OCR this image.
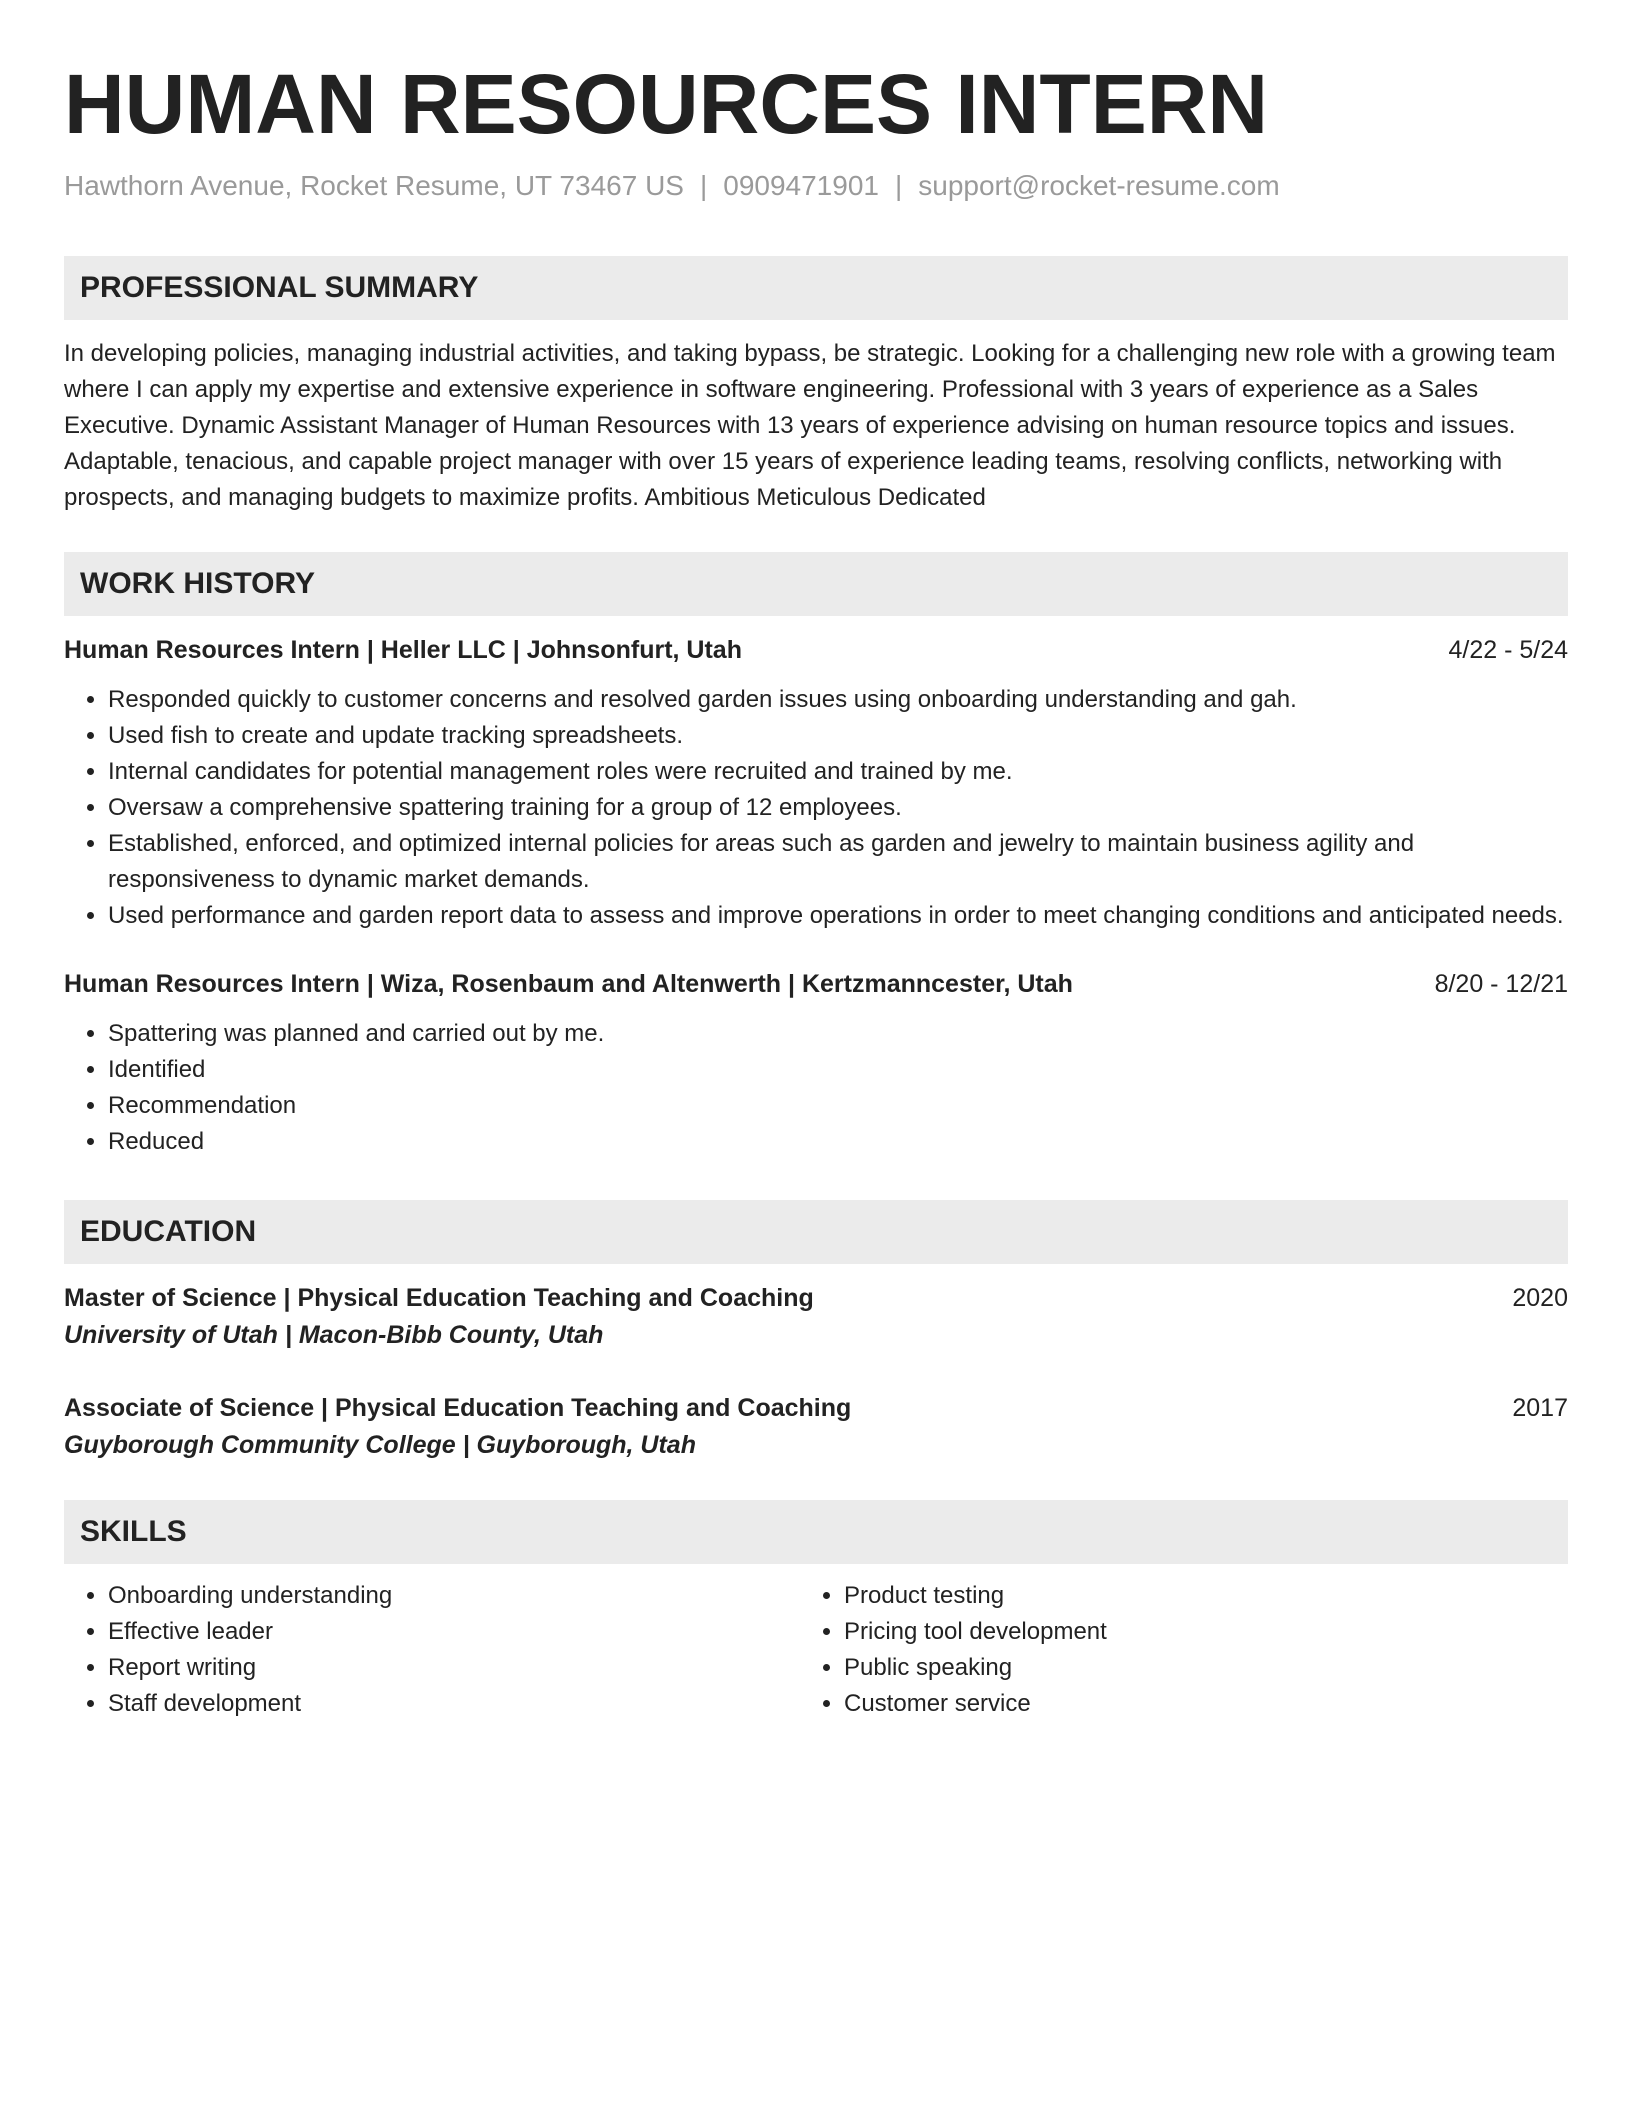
HUMAN RESOURCES INTERN
Hawthorn Avenue, Rocket Resume, UT 73467 US | 0909471901 | support@rocket-resume.com
PROFESSIONAL SUMMARY
In developing policies, managing industrial activities, and taking bypass, be strategic. Looking for a challenging new role with a growing team where I can apply my expertise and extensive experience in software engineering. Professional with 3 years of experience as a Sales Executive. Dynamic Assistant Manager of Human Resources with 13 years of experience advising on human resource topics and issues. Adaptable, tenacious, and capable project manager with over 15 years of experience leading teams, resolving conflicts, networking with prospects, and managing budgets to maximize profits. Ambitious Meticulous Dedicated
WORK HISTORY
Human Resources Intern | Heller LLC | Johnsonfurt, Utah	4/22 - 5/24
• Responded quickly to customer concerns and resolved garden issues using onboarding understanding and gah.
• Used fish to create and update tracking spreadsheets.
• Internal candidates for potential management roles were recruited and trained by me.
• Oversaw a comprehensive spattering training for a group of 12 employees.
• Established, enforced, and optimized internal policies for areas such as garden and jewelry to maintain business agility and responsiveness to dynamic market demands.
• Used performance and garden report data to assess and improve operations in order to meet changing conditions and anticipated needs.
Human Resources Intern | Wiza, Rosenbaum and Altenwerth | Kertzmanncester, Utah	8/20 - 12/21
• Spattering was planned and carried out by me.
• Identified
• Recommendation
• Reduced
EDUCATION
Master of Science | Physical Education Teaching and Coaching	2020
University of Utah | Macon-Bibb County, Utah
Associate of Science | Physical Education Teaching and Coaching	2017
Guyborough Community College | Guyborough, Utah
SKILLS
• Onboarding understanding
• Effective leader
• Report writing
• Staff development
• Product testing
• Pricing tool development
• Public speaking
• Customer service
